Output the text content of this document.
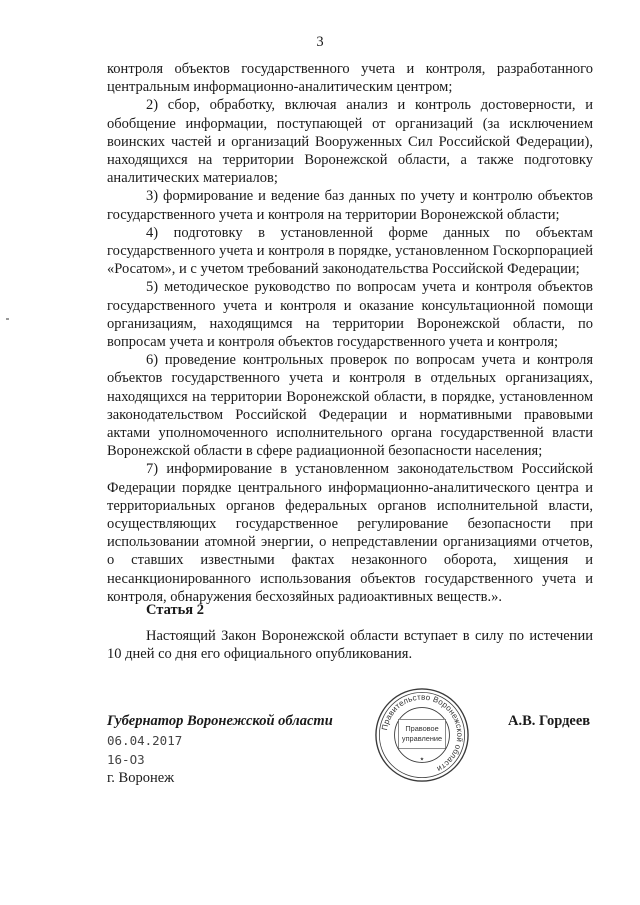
3

контроля объектов государственного учета и контроля, разработанного центральным информационно-аналитическим центром;

2) сбор, обработку, включая анализ и контроль достоверности, и обобщение информации, поступающей от организаций (за исключением воинских частей и организаций Вооруженных Сил Российской Федерации), находящихся на территории Воронежской области, а также подготовку аналитических материалов;

3) формирование и ведение баз данных по учету и контролю объектов государственного учета и контроля на территории Воронежской области;

4) подготовку в установленной форме данных по объектам государственного учета и контроля в порядке, установленном Госкорпорацией «Росатом», и с учетом требований законодательства Российской Федерации;

5) методическое руководство по вопросам учета и контроля объектов государственного учета и контроля и оказание консультационной помощи организациям, находящимся на территории Воронежской области, по вопросам учета и контроля объектов государственного учета и контроля;

6) проведение контрольных проверок по вопросам учета и контроля объектов государственного учета и контроля в отдельных организациях, находящихся на территории Воронежской области, в порядке, установленном законодательством Российской Федерации и нормативными правовыми актами уполномоченного исполнительного органа государственной власти Воронежской области в сфере радиационной безопасности населения;

7) информирование в установленном законодательством Российской Федерации порядке центрального информационно-аналитического центра и территориальных органов федеральных органов исполнительной власти, осуществляющих государственное регулирование безопасности при использовании атомной энергии, о непредставлении организациями отчетов, о ставших известными фактах незаконного оборота, хищения и несанкционированного использования объектов государственного учета и контроля, обнаружения бесхозяйных радиоактивных веществ.».

Статья 2

Настоящий Закон Воронежской области вступает в силу по истечении 10 дней со дня его официального опубликования.

Губернатор Воронежской области	А.В. Гордеев
06.04.2017
16-ОЗ
г. Воронеж
Правительство Воронежской области
Правовое
управление
★
